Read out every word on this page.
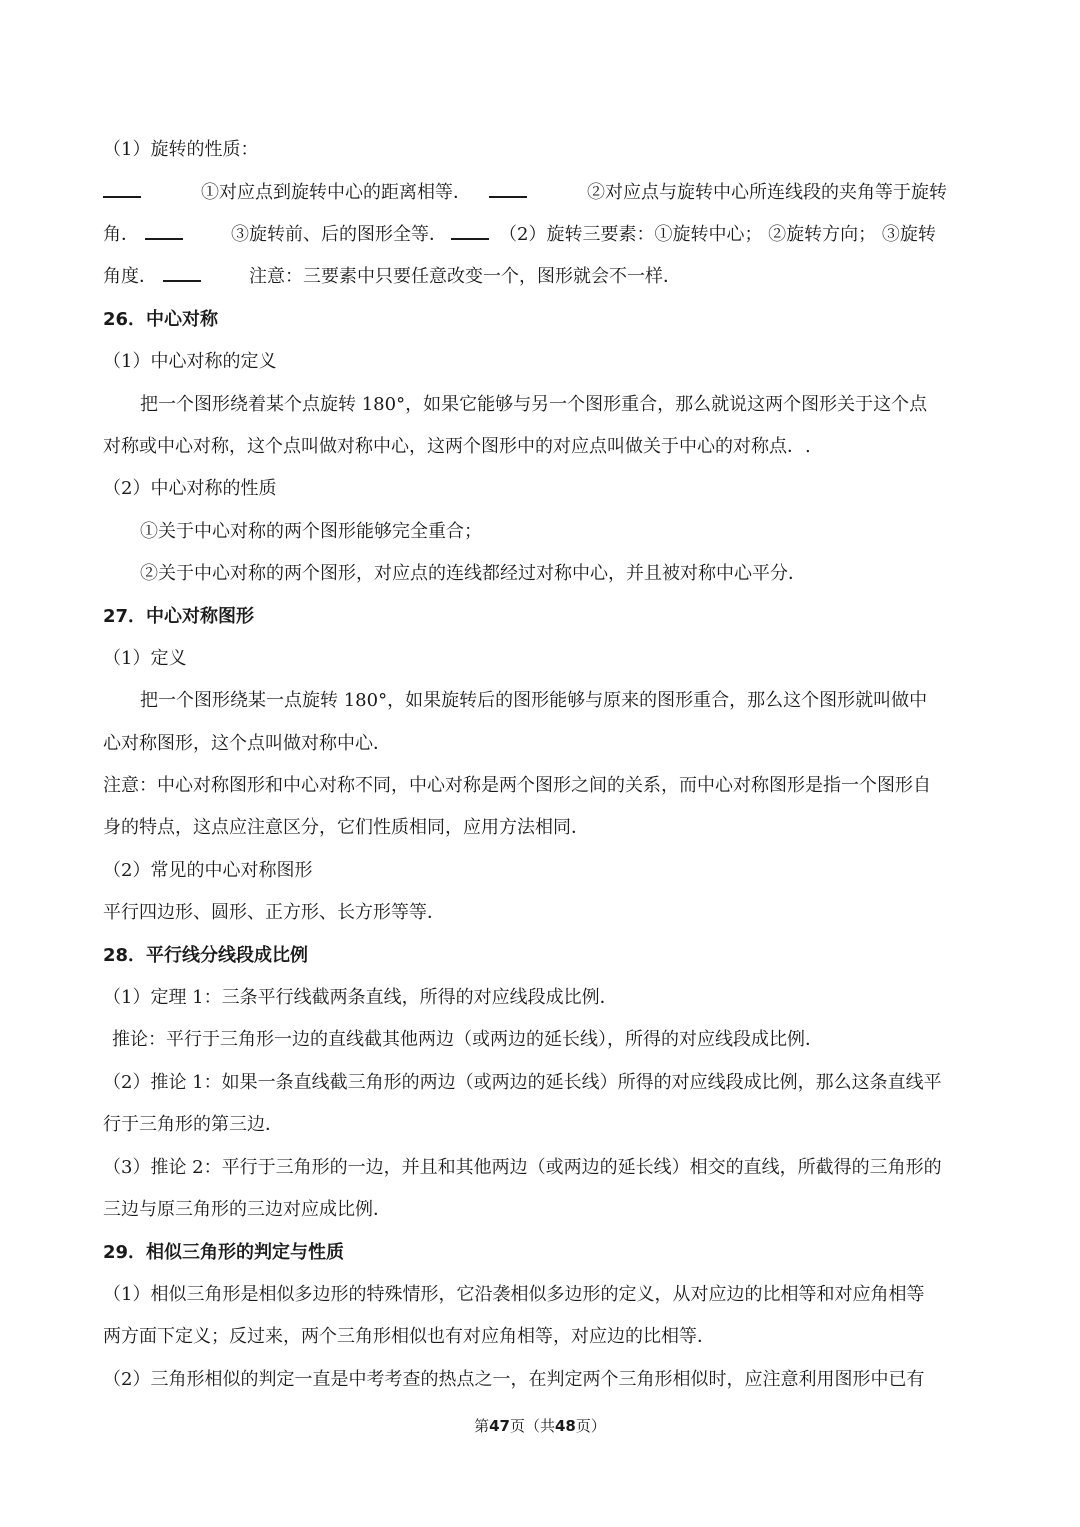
（1）旋转的性质：
①对应点到旋转中心的距离相等．	②对应点与旋转中心所连线段的夹角等于旋转
角．	③旋转前、后的图形全等．	（2）旋转三要素：①旋转中心； ②旋转方向； ③旋转
角度．	注意：三要素中只要任意改变一个，图形就会不一样．
26．中心对称
（1）中心对称的定义
把一个图形绕着某个点旋转 180°，如果它能够与另一个图形重合，那么就说这两个图形关于这个点
对称或中心对称，这个点叫做对称中心，这两个图形中的对应点叫做关于中心的对称点．.
（2）中心对称的性质
①关于中心对称的两个图形能够完全重合；
②关于中心对称的两个图形，对应点的连线都经过对称中心，并且被对称中心平分．
27．中心对称图形
（1）定义
把一个图形绕某一点旋转 180°，如果旋转后的图形能够与原来的图形重合，那么这个图形就叫做中
心对称图形，这个点叫做对称中心．
注意：中心对称图形和中心对称不同，中心对称是两个图形之间的关系，而中心对称图形是指一个图形自
身的特点，这点应注意区分，它们性质相同，应用方法相同．
（2）常见的中心对称图形
平行四边形、圆形、正方形、长方形等等．
28．平行线分线段成比例
（1）定理 1：三条平行线截两条直线，所得的对应线段成比例．
推论：平行于三角形一边的直线截其他两边（或两边的延长线），所得的对应线段成比例．
（2）推论 1：如果一条直线截三角形的两边（或两边的延长线）所得的对应线段成比例，那么这条直线平
行于三角形的第三边．
（3）推论 2：平行于三角形的一边，并且和其他两边（或两边的延长线）相交的直线，所截得的三角形的
三边与原三角形的三边对应成比例．
29．相似三角形的判定与性质
（1）相似三角形是相似多边形的特殊情形，它沿袭相似多边形的定义，从对应边的比相等和对应角相等
两方面下定义；反过来，两个三角形相似也有对应角相等，对应边的比相等．
（2）三角形相似的判定一直是中考考查的热点之一，在判定两个三角形相似时，应注意利用图形中已有
第47页（共48页）
